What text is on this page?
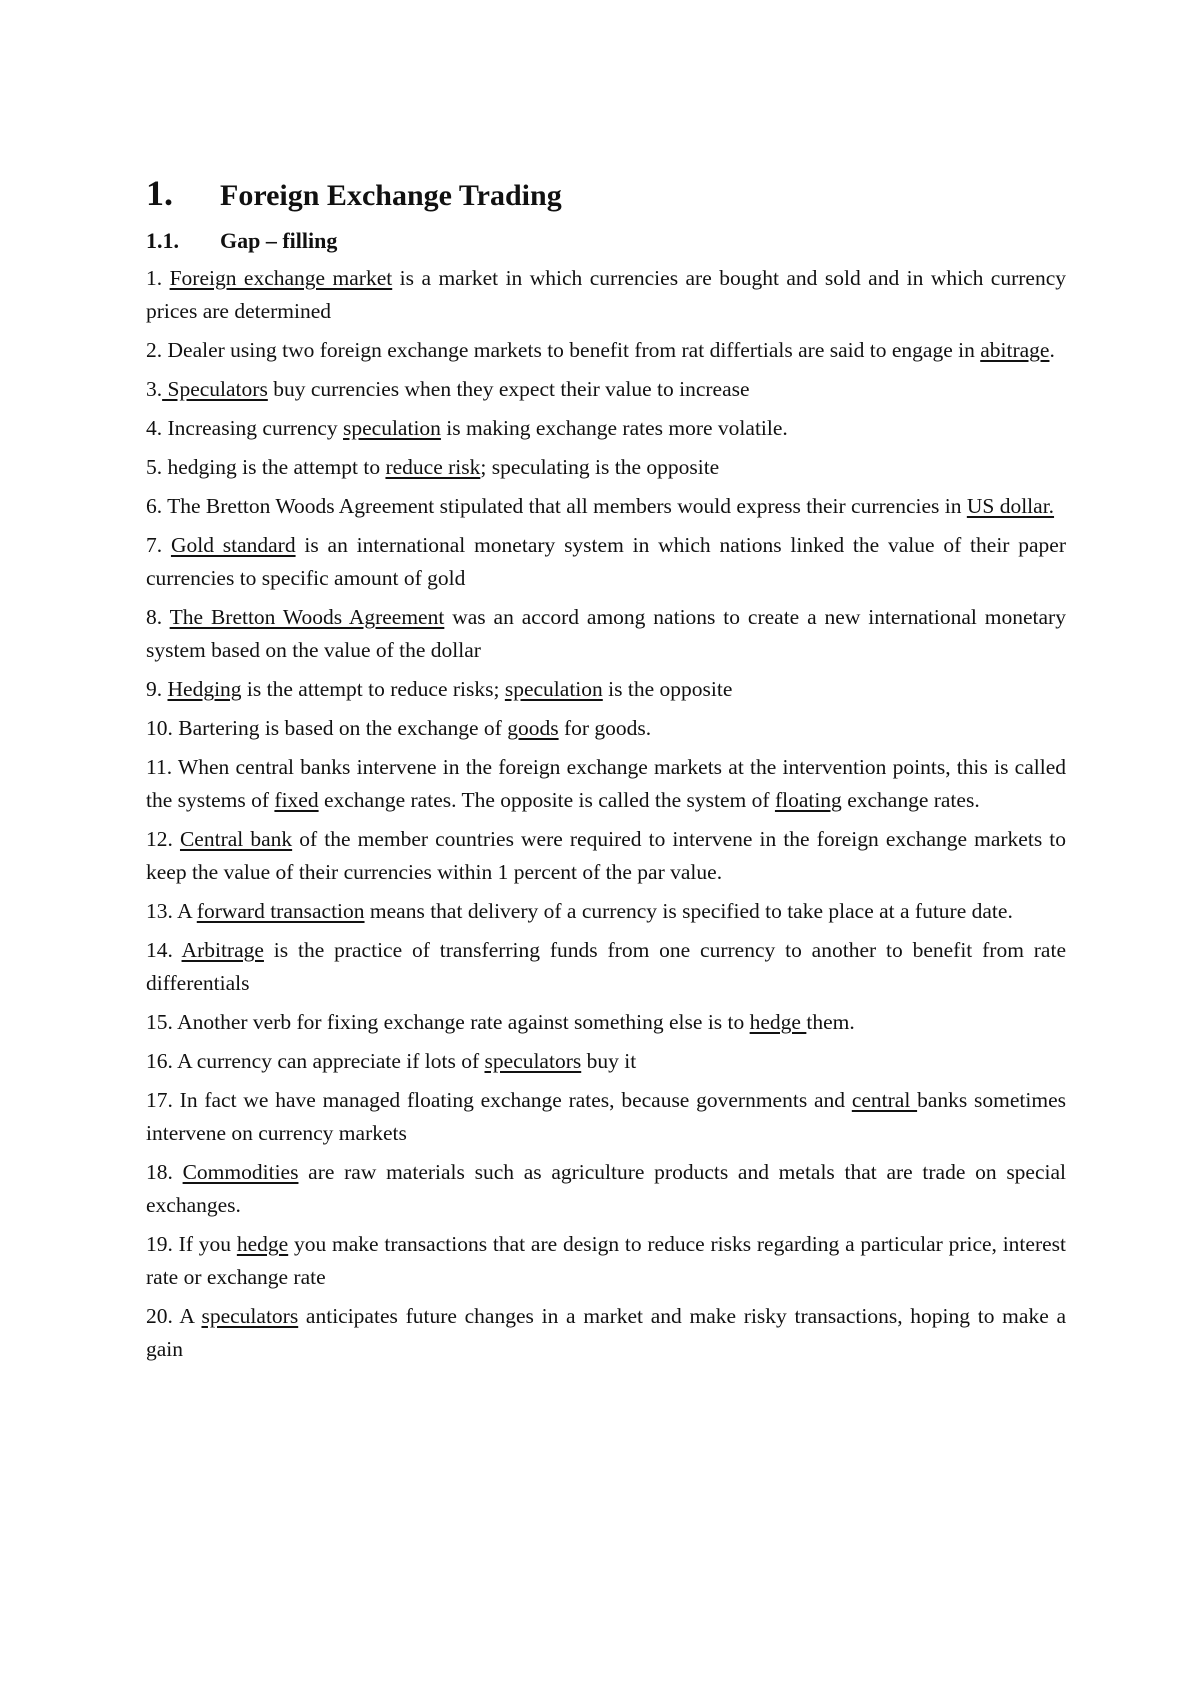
1.	Foreign Exchange Trading
1.1.	Gap – filling

1. Foreign exchange market is a market in which currencies are bought and sold and in which currency prices are determined

2. Dealer using two foreign exchange markets to benefit from rat differtials are said to engage in abitrage.

3. Speculators buy currencies when they expect their value to increase

4. Increasing currency speculation is making exchange rates more volatile.

5. hedging is the attempt to reduce risk; speculating is the opposite

6. The Bretton Woods Agreement stipulated that all members would express their currencies in US dollar.

7. Gold standard is an international monetary system in which nations linked the value of their paper currencies to specific amount of gold

8. The Bretton Woods Agreement was an accord among nations to create a new international monetary system based on the value of the dollar

9. Hedging is the attempt to reduce risks; speculation is the opposite

10. Bartering is based on the exchange of goods for goods.

11. When central banks intervene in the foreign exchange markets at the intervention points, this is called the systems of fixed exchange rates. The opposite is called the system of floating exchange rates.

12. Central bank of the member countries were required to intervene in the foreign exchange markets to keep the value of their currencies within 1 percent of the par value.

13. A forward transaction means that delivery of a currency is specified to take place at a future date.

14. Arbitrage is the practice of transferring funds from one currency to another to benefit from rate differentials

15. Another verb for fixing exchange rate against something else is to hedge them.

16. A currency can appreciate if lots of speculators buy it

17. In fact we have managed floating exchange rates, because governments and central banks sometimes intervene on currency markets

18. Commodities are raw materials such as agriculture products and metals that are trade on special exchanges.

19. If you hedge you make transactions that are design to reduce risks regarding a particular price, interest rate or exchange rate

20. A speculators anticipates future changes in a market and make risky transactions, hoping to make a gain
